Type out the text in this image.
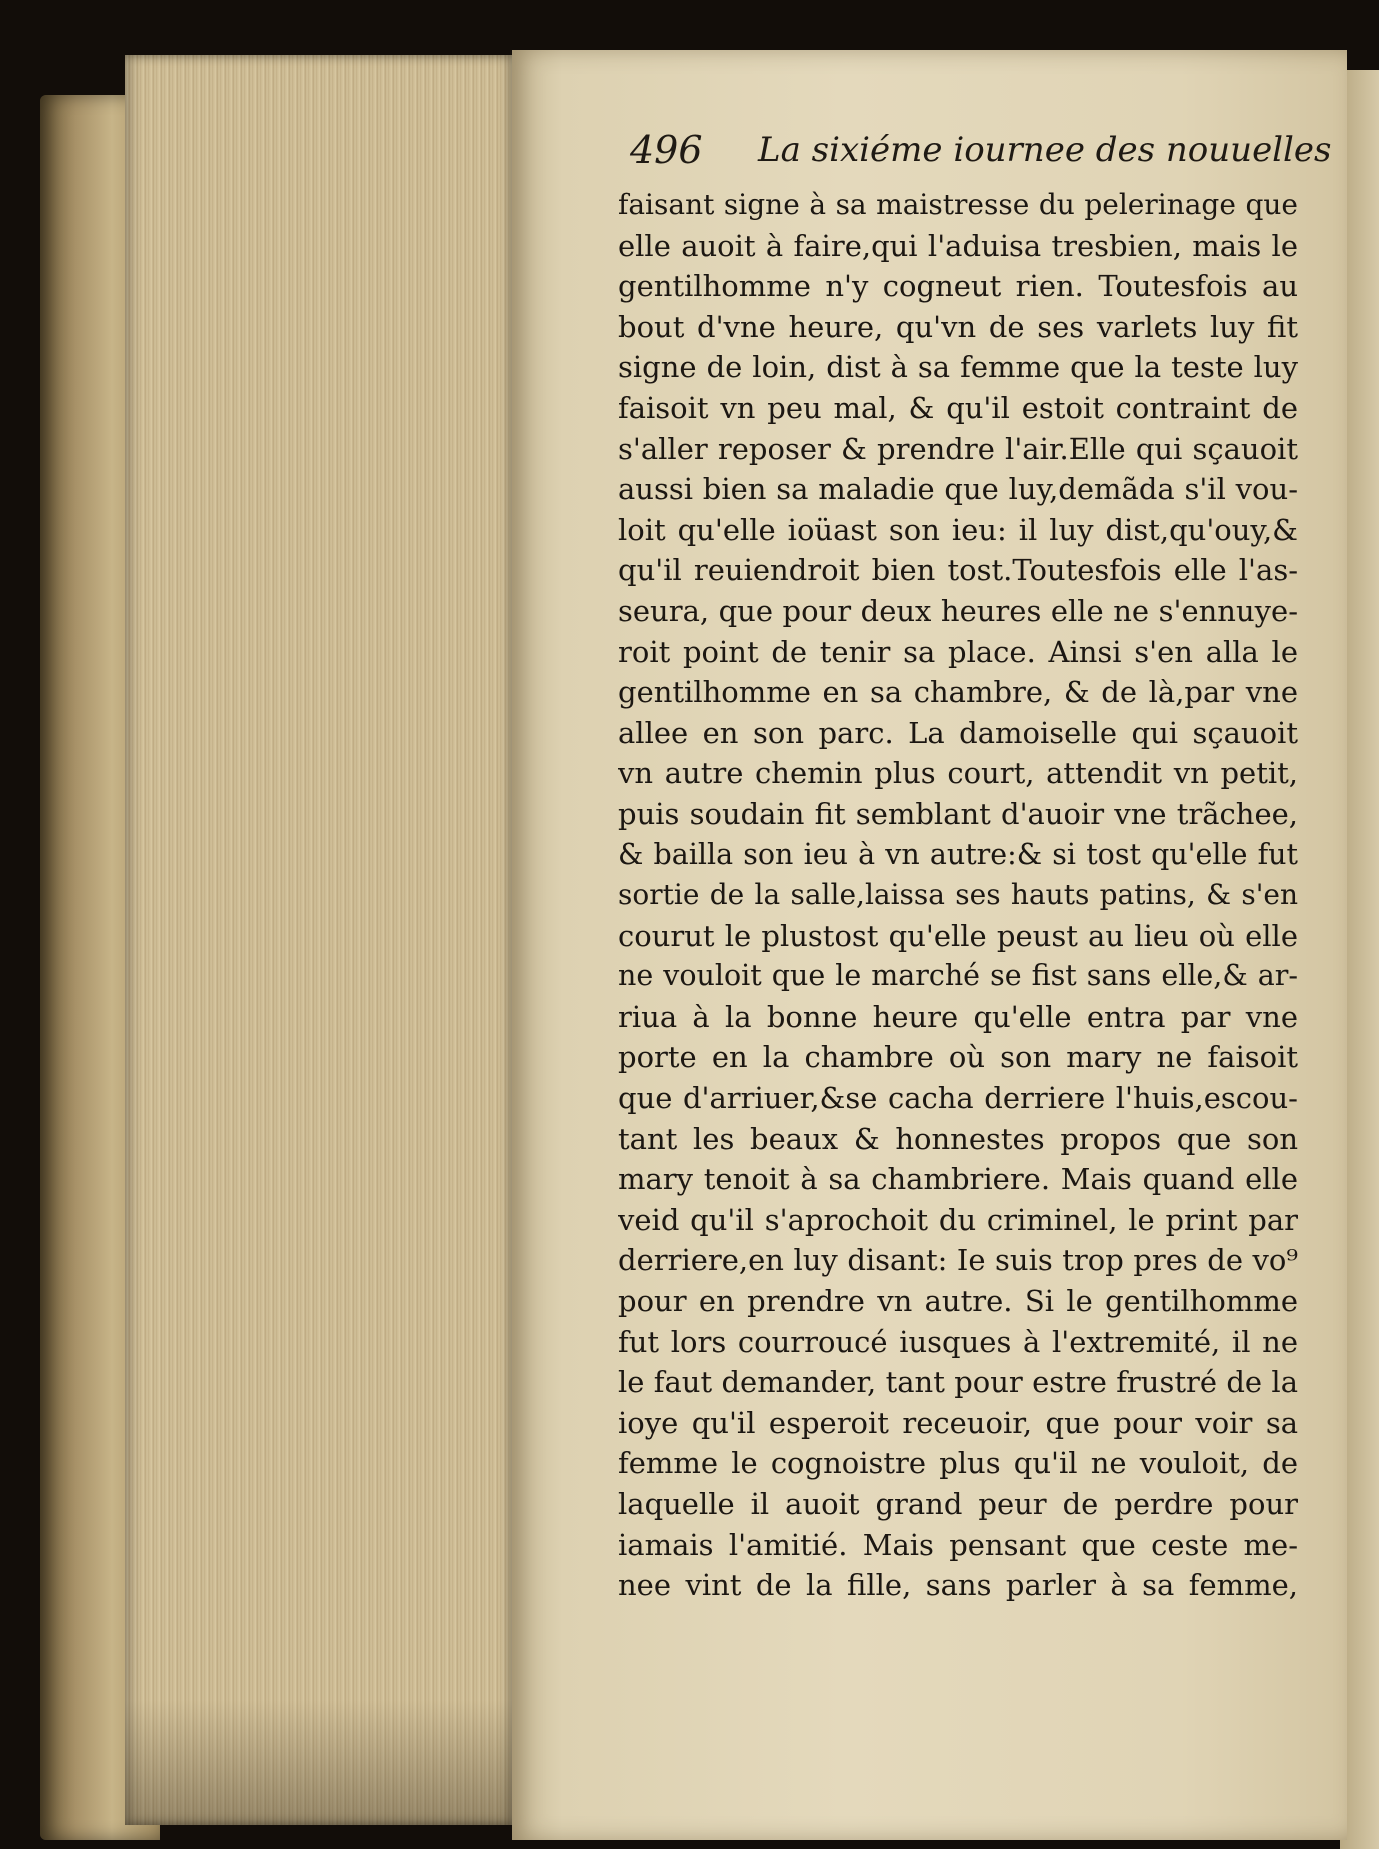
496 La sixiéme iournee des nouuelles
faisant signe à sa maistresse du pelerinage que
elle auoit à faire,qui l'aduisa tresbien, mais le
gentilhomme n'y cogneut rien. Toutesfois au
bout d'vne heure, qu'vn de ses varlets luy fit
signe de loin, dist à sa femme que la teste luy
faisoit vn peu mal, & qu'il estoit contraint de
s'aller reposer & prendre l'air.Elle qui sçauoit
aussi bien sa maladie que luy,demãda s'il vou-
loit qu'elle ioüast son ieu: il luy dist,qu'ouy,&
qu'il reuiendroit bien tost.Toutesfois elle l'as-
seura, que pour deux heures elle ne s'ennuye-
roit point de tenir sa place. Ainsi s'en alla le
gentilhomme en sa chambre, & de là,par vne
allee en son parc. La damoiselle qui sçauoit
vn autre chemin plus court, attendit vn petit,
puis soudain fit semblant d'auoir vne trãchee,
& bailla son ieu à vn autre:& si tost qu'elle fut
sortie de la salle,laissa ses hauts patins, & s'en
courut le plustost qu'elle peust au lieu où elle
ne vouloit que le marché se fist sans elle,& ar-
riua à la bonne heure qu'elle entra par vne
porte en la chambre où son mary ne faisoit
que d'arriuer,&se cacha derriere l'huis,escou-
tant les beaux & honnestes propos que son
mary tenoit à sa chambriere. Mais quand elle
veid qu'il s'aprochoit du criminel, le print par
derriere,en luy disant: Ie suis trop pres de vo⁹
pour en prendre vn autre. Si le gentilhomme
fut lors courroucé iusques à l'extremité, il ne
le faut demander, tant pour estre frustré de la
ioye qu'il esperoit receuoir, que pour voir sa
femme le cognoistre plus qu'il ne vouloit, de
laquelle il auoit grand peur de perdre pour
iamais l'amitié. Mais pensant que ceste me-
nee vint de la fille, sans parler à sa femme,
